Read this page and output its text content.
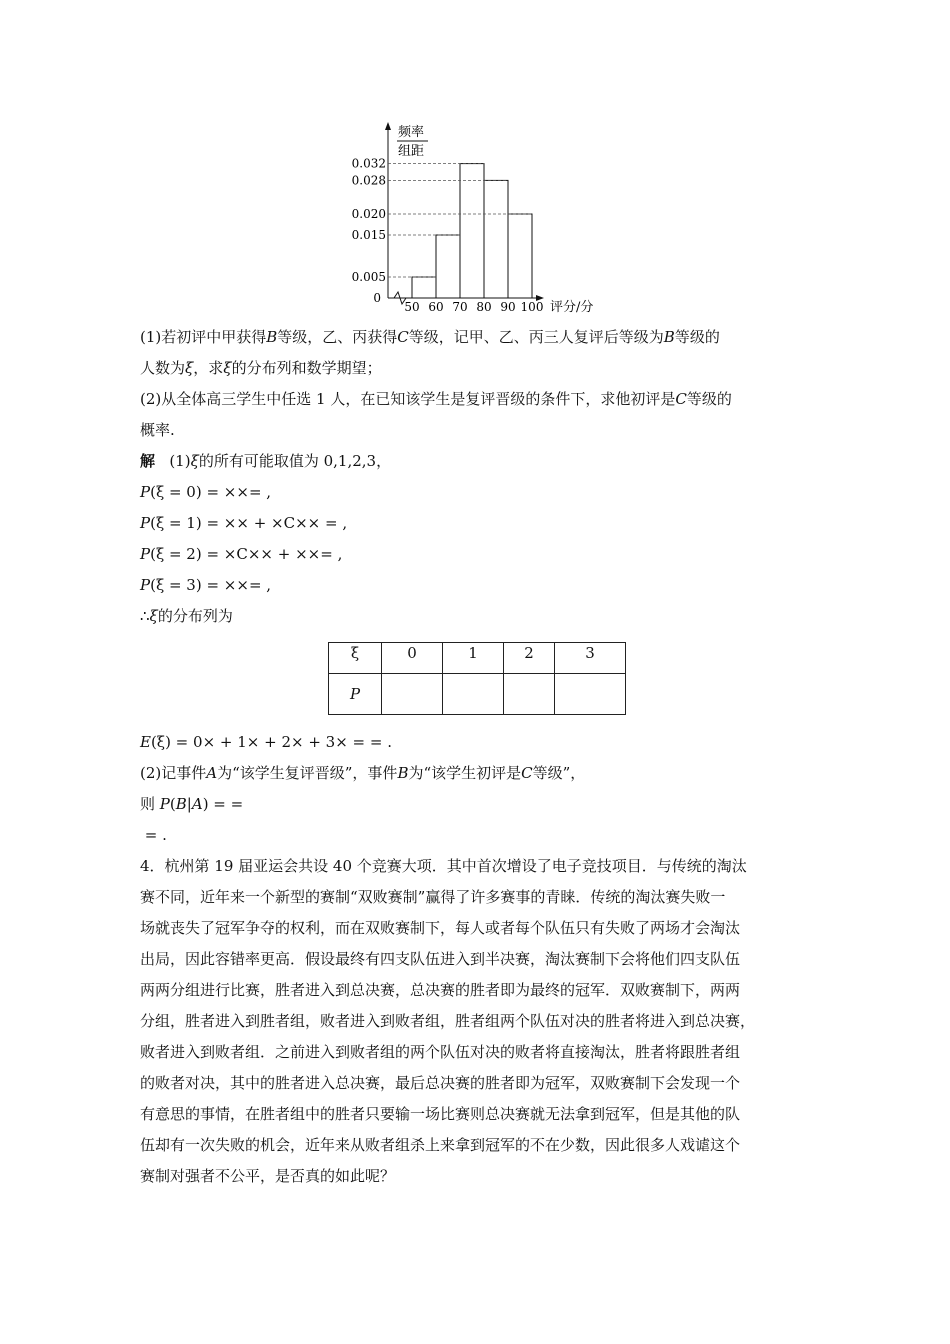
频率
组距
0
评分/分
0.032
0.028
0.020
0.015
0.005
50 60 70 80 90 100

(1)若初评中甲获得B等级，乙、丙获得C等级，记甲、乙、丙三人复评后等级为B等级的

人数为ξ，求ξ的分布列和数学期望；

(2)从全体高三学生中任选 1 人，在已知该学生是复评晋级的条件下，求他初评是C等级的

概率.

解 (1)ξ的所有可能取值为 0,1,2,3，

P(ξ = 0) = ××= ,

P(ξ = 1) = ×× + ×C×× = ,

P(ξ = 2) = ×C×× + ××= ,

P(ξ = 3) = ××= ,

∴ξ的分布列为

ξ	0	1	2	3
P				

E(ξ) = 0× + 1× + 2× + 3× = = .

(2)记事件A为“该学生复评晋级”，事件B为“该学生初评是C等级”，

则 P(B|A) = =

= .

4．杭州第 19 届亚运会共设 40 个竞赛大项．其中首次增设了电子竞技项目．与传统的淘汰

赛不同，近年来一个新型的赛制“双败赛制”赢得了许多赛事的青睐．传统的淘汰赛失败一

场就丧失了冠军争夺的权利，而在双败赛制下，每人或者每个队伍只有失败了两场才会淘汰

出局，因此容错率更高．假设最终有四支队伍进入到半决赛，淘汰赛制下会将他们四支队伍

两两分组进行比赛，胜者进入到总决赛，总决赛的胜者即为最终的冠军．双败赛制下，两两

分组，胜者进入到胜者组，败者进入到败者组，胜者组两个队伍对决的胜者将进入到总决赛，

败者进入到败者组．之前进入到败者组的两个队伍对决的败者将直接淘汰，胜者将跟胜者组

的败者对决，其中的胜者进入总决赛，最后总决赛的胜者即为冠军，双败赛制下会发现一个

有意思的事情，在胜者组中的胜者只要输一场比赛则总决赛就无法拿到冠军，但是其他的队

伍却有一次失败的机会，近年来从败者组杀上来拿到冠军的不在少数，因此很多人戏谑这个

赛制对强者不公平，是否真的如此呢？
